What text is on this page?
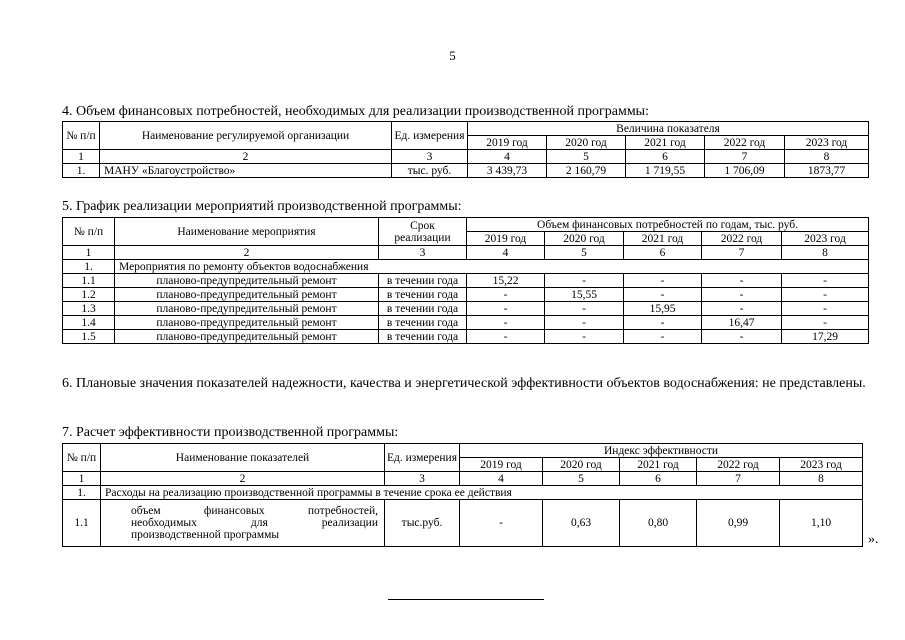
5
4. Объем финансовых потребностей, необходимых для реализации производственной программы:
№ п/п	Наименование регулируемой организации	Ед. измерения	Величина показателя				
			2019 год	2020 год	2021 год	2022 год	2023 год
1	2	3	4	5	6	7	8
1.	МАНУ «Благоустройство»	тыс. руб.	3 439,73	2 160,79	1 719,55	1 706,09	1873,77
5. График реализации мероприятий производственной программы:
№ п/п	Наименование мероприятия	Срок реализации	Объем финансовых потребностей по годам, тыс. руб.				
			2019 год	2020 год	2021 год	2022 год	2023 год
1	2	3	4	5	6	7	8
1.	Мероприятия по ремонту объектов водоснабжения						
1.1	планово-предупредительный ремонт	в течении года	15,22	-	-	-	-
1.2	планово-предупредительный ремонт	в течении года	-	15,55	-	-	-
1.3	планово-предупредительный ремонт	в течении года	-	-	15,95	-	-
1.4	планово-предупредительный ремонт	в течении года	-	-	-	16,47	-
1.5	планово-предупредительный ремонт	в течении года	-	-	-	-	17,29
6. Плановые значения показателей надежности, качества и энергетической эффективности объектов водоснабжения: не представлены.
7. Расчет эффективности производственной программы:
№ п/п	Наименование показателей	Ед. измерения	Индекс эффективности				
			2019 год	2020 год	2021 год	2022 год	2023 год
1	2	3	4	5	6	7	8
1.	Расходы на реализацию производственной программы в течение срока ее действия						
1.1	объем финансовых потребностей,
необходимых для реализации
производственной программы	тыс.руб.	-	0,63	0,80	0,99	1,10
».
